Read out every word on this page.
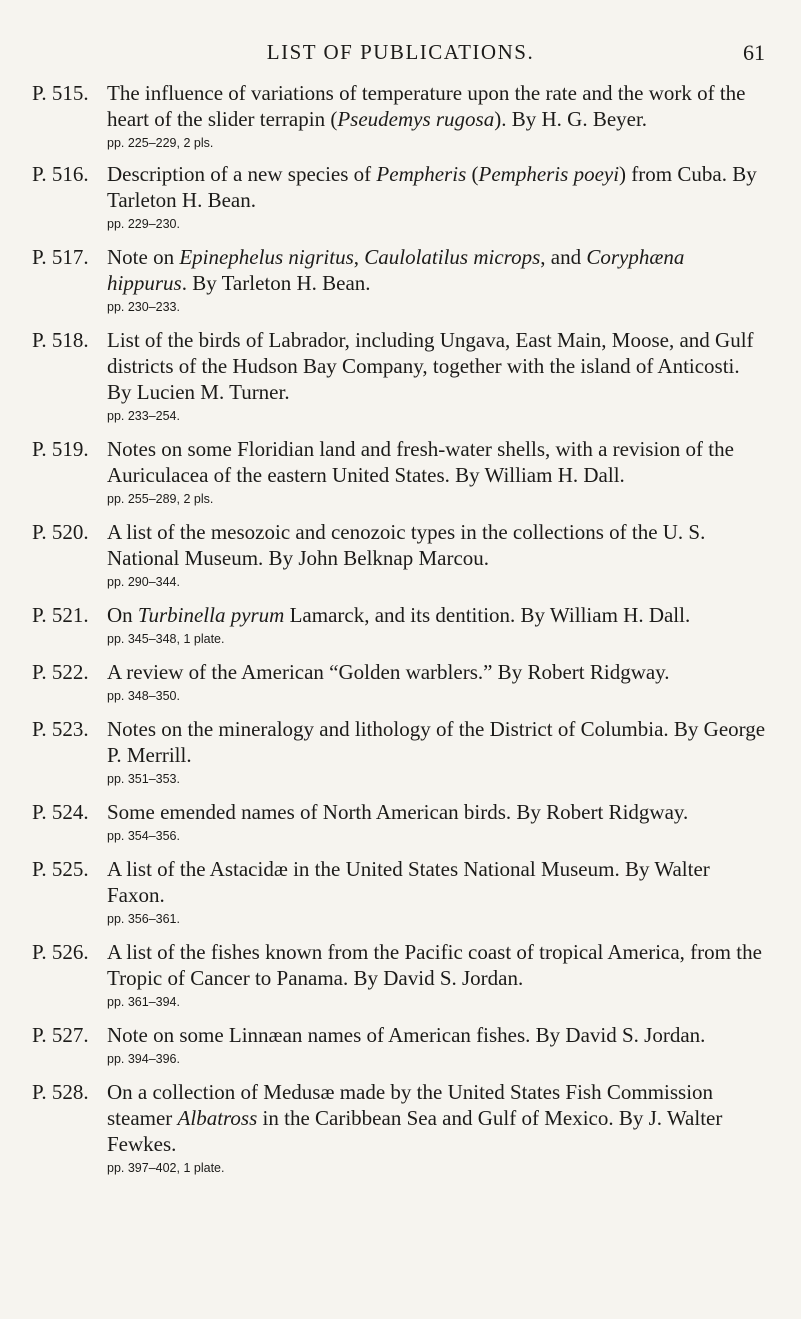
LIST OF PUBLICATIONS.	61
P. 515. The influence of variations of temperature upon the rate and the work of the heart of the slider terrapin (Pseudemys rugosa). By H. G. Beyer.

pp. 225–229, 2 pls.
P. 516. Description of a new species of Pempheris (Pempheris poeyi) from Cuba. By Tarleton H. Bean.

pp. 229–230.
P. 517. Note on Epinephelus nigritus, Caulolatilus microps, and Coryphæna hippurus. By Tarleton H. Bean.

pp. 230–233.
P. 518. List of the birds of Labrador, including Ungava, East Main, Moose, and Gulf districts of the Hudson Bay Company, together with the island of Anticosti. By Lucien M. Turner.

pp. 233–254.
P. 519. Notes on some Floridian land and fresh-water shells, with a revision of the Auriculacea of the eastern United States. By William H. Dall.

pp. 255–289, 2 pls.
P. 520. A list of the mesozoic and cenozoic types in the collections of the U. S. National Museum. By John Belknap Marcou.

pp. 290–344.
P. 521. On Turbinella pyrum Lamarck, and its dentition. By William H. Dall.

pp. 345–348, 1 plate.
P. 522. A review of the American “Golden warblers.” By Robert Ridgway.

pp. 348–350.
P. 523. Notes on the mineralogy and lithology of the District of Columbia. By George P. Merrill.

pp. 351–353.
P. 524. Some emended names of North American birds. By Robert Ridgway.

pp. 354–356.
P. 525. A list of the Astacidæ in the United States National Museum. By Walter Faxon.

pp. 356–361.
P. 526. A list of the fishes known from the Pacific coast of tropical America, from the Tropic of Cancer to Panama. By David S. Jordan.

pp. 361–394.
P. 527. Note on some Linnæan names of American fishes. By David S. Jordan.

pp. 394–396.
P. 528. On a collection of Medusæ made by the United States Fish Commission steamer Albatross in the Caribbean Sea and Gulf of Mexico. By J. Walter Fewkes.

pp. 397–402, 1 plate.
